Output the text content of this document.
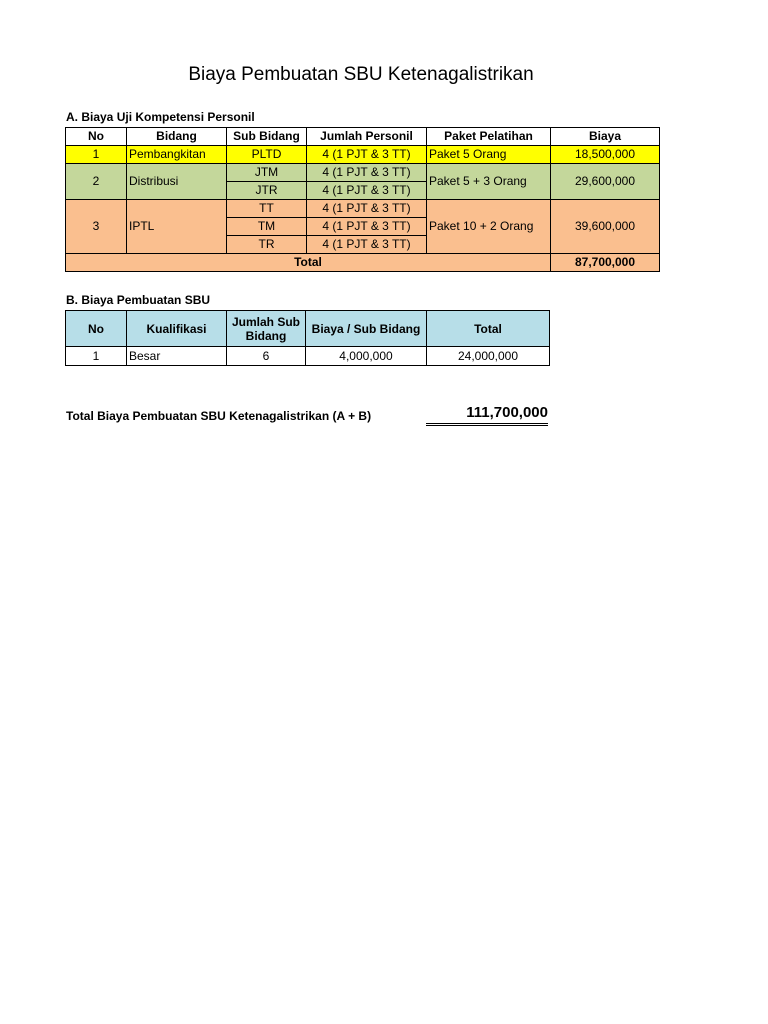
Biaya Pembuatan SBU Ketenagalistrikan
A. Biaya Uji Kompetensi Personil
No	Bidang	Sub Bidang	Jumlah Personil	Paket Pelatihan	Biaya
1	Pembangkitan	PLTD	4 (1 PJT & 3 TT)	Paket 5 Orang	18,500,000
2	Distribusi	JTM	4 (1 PJT & 3 TT)	Paket 5 + 3 Orang	29,600,000
		JTR	4 (1 PJT & 3 TT)		
3	IPTL	TT	4 (1 PJT & 3 TT)	Paket 10 + 2 Orang	39,600,000
		TM	4 (1 PJT & 3 TT)		
		TR	4 (1 PJT & 3 TT)		
Total					87,700,000
B. Biaya Pembuatan SBU
No	Kualifikasi	Jumlah Sub Bidang	Biaya / Sub Bidang	Total
1	Besar	6	4,000,000	24,000,000
Total Biaya Pembuatan SBU Ketenagalistrikan (A + B)	111,700,000
